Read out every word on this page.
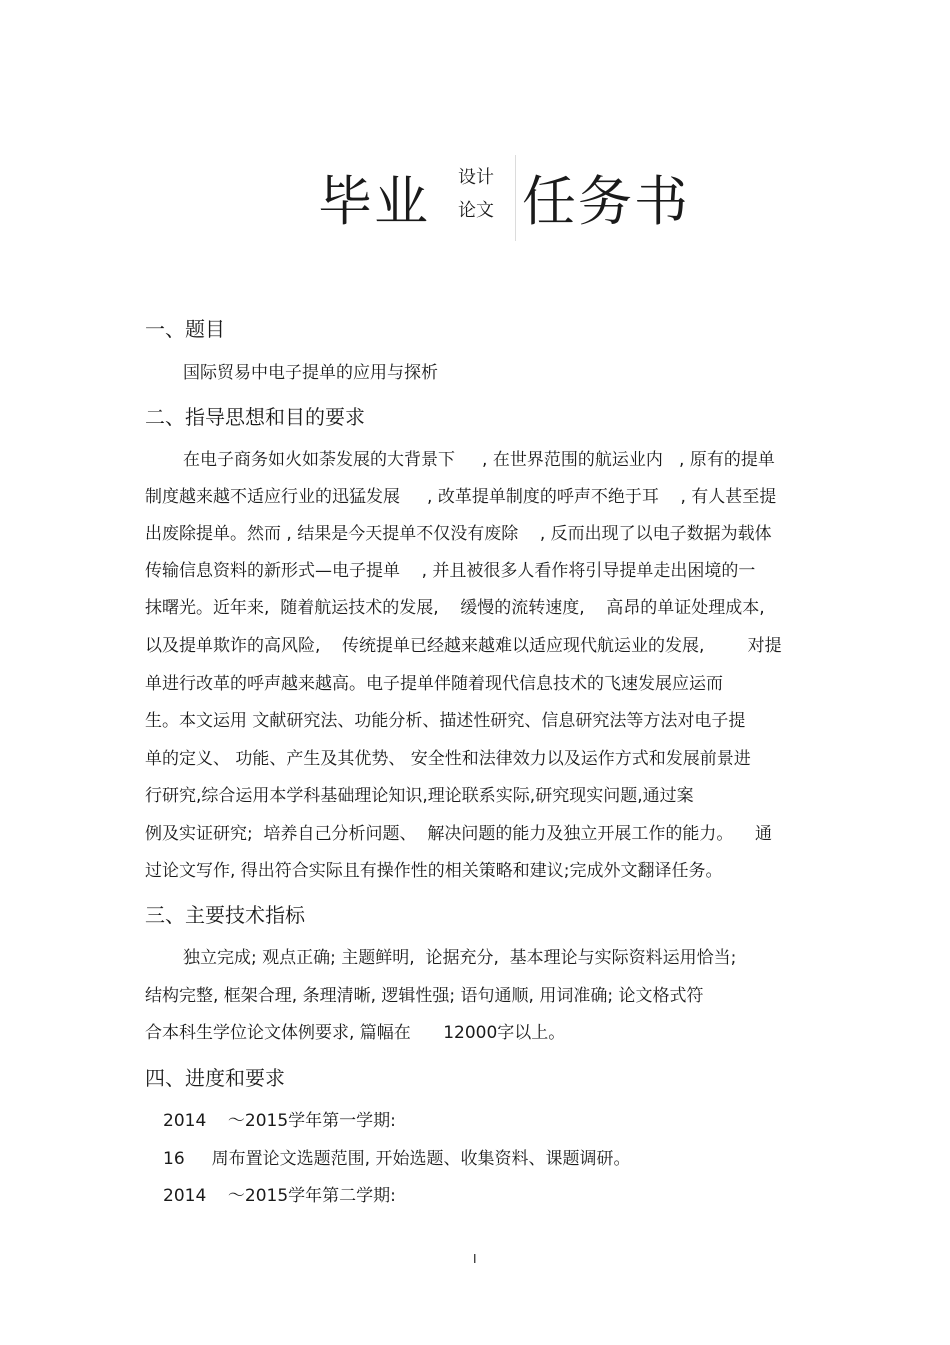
毕业 设计
论文 任务书
一、题目
国际贸易中电子提单的应用与探析
二、指导思想和目的要求
在电子商务如火如荼发展的大背景下     , 在世界范围的航运业内   , 原有的提单
制度越来越不适应行业的迅猛发展     , 改革提单制度的呼声不绝于耳    , 有人甚至提
出废除提单。然而 , 结果是今天提单不仅没有废除    , 反而出现了以电子数据为载体
传输信息资料的新形式—电子提单    , 并且被很多人看作将引导提单走出困境的一
抹曙光。近年来,  随着航运技术的发展,    缓慢的流转速度,    高昂的单证处理成本,
以及提单欺诈的高风险,    传统提单已经越来越难以适应现代航运业的发展,        对提
单进行改革的呼声越来越高。电子提单伴随着现代信息技术的飞速发展应运而
生。本文运用 文献研究法、功能分析、描述性研究、信息研究法等方法对电子提
单的定义、 功能、产生及其优势、 安全性和法律效力以及运作方式和发展前景进
行研究,综合运用本学科基础理论知识,理论联系实际,研究现实问题,通过案
例及实证研究;  培养自己分析问题、  解决问题的能力及独立开展工作的能力。    通
过论文写作, 得出符合实际且有操作性的相关策略和建议;完成外文翻译任务。
三、主要技术指标
独立完成; 观点正确; 主题鲜明,  论据充分,  基本理论与实际资料运用恰当;
结构完整, 框架合理, 条理清晰, 逻辑性强; 语句通顺, 用词准确; 论文格式符
合本科生学位论文体例要求, 篇幅在      12000字以上。
四、进度和要求
2014    ～2015学年第一学期:
16     周布置论文选题范围, 开始选题、收集资料、课题调研。
2014    ～2015学年第二学期:
I
